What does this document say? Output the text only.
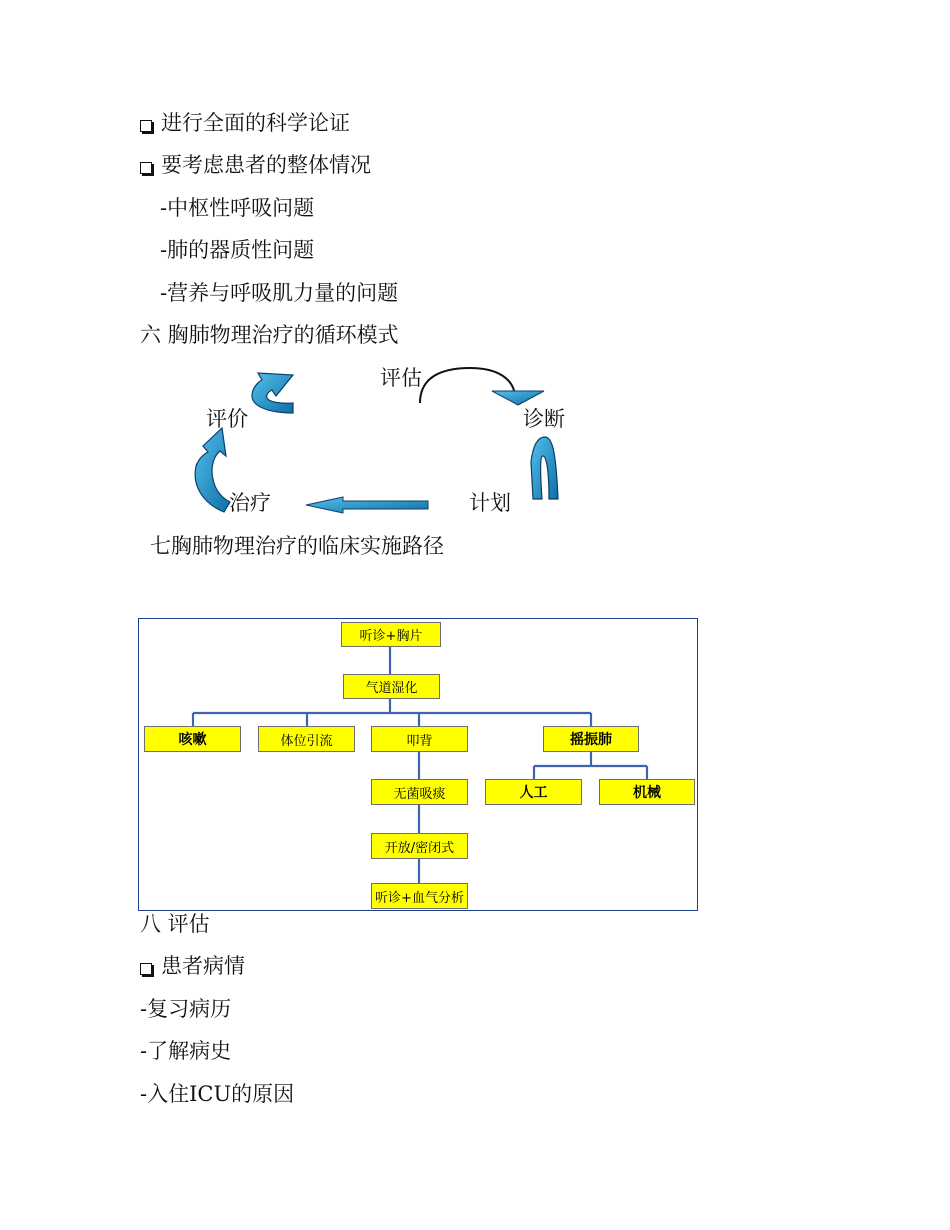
进行全面的科学论证
要考虑患者的整体情况
-中枢性呼吸问题
-肺的器质性问题
-营养与呼吸肌力量的问题
六 胸肺物理治疗的循环模式
评估
诊断
评价
治疗	计划
七胸肺物理治疗的临床实施路径
听诊+胸片
气道湿化
咳嗽	体位引流	叩背	摇振肺
无菌吸痰	人工	机械
开放/密闭式
听诊+血气分析
八 评估
患者病情
-复习病历
-了解病史
-入住ICU的原因
